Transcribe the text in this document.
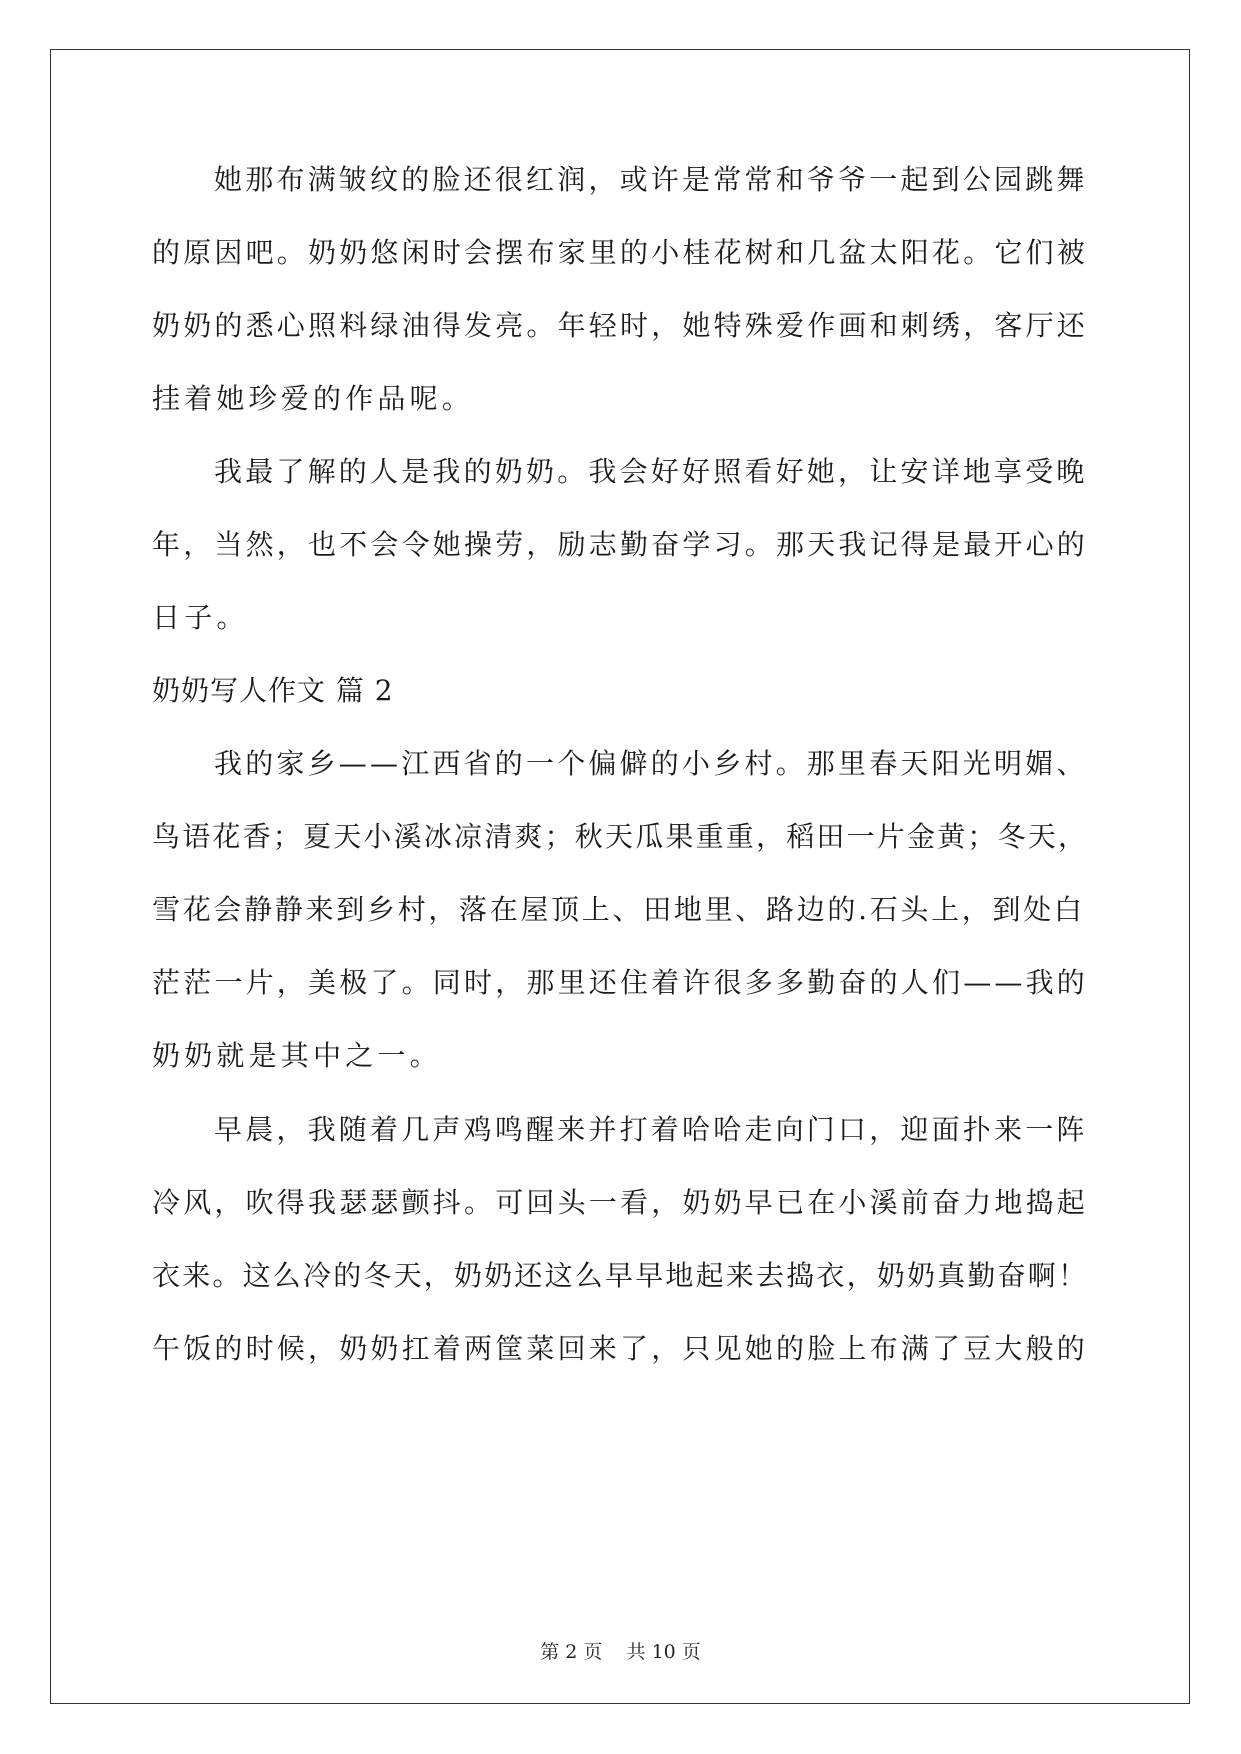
她那布满皱纹的脸还很红润，或许是常常和爷爷一起到公园跳舞
的原因吧。奶奶悠闲时会摆布家里的小桂花树和几盆太阳花。它们被
奶奶的悉心照料绿油得发亮。年轻时，她特殊爱作画和刺绣，客厅还
挂着她珍爱的作品呢。
我最了解的人是我的奶奶。我会好好照看好她，让安详地享受晚
年，当然，也不会令她操劳，励志勤奋学习。那天我记得是最开心的
日子。
奶奶写人作文 篇 2
我的家乡——江西省的一个偏僻的小乡村。那里春天阳光明媚、
鸟语花香；夏天小溪冰凉清爽；秋天瓜果重重，稻田一片金黄；冬天，
雪花会静静来到乡村，落在屋顶上、田地里、路边的.石头上，到处白
茫茫一片，美极了。同时，那里还住着许很多多勤奋的人们——我的
奶奶就是其中之一。
早晨，我随着几声鸡鸣醒来并打着哈哈走向门口，迎面扑来一阵
冷风，吹得我瑟瑟颤抖。可回头一看，奶奶早已在小溪前奋力地捣起
衣来。这么冷的冬天，奶奶还这么早早地起来去捣衣，奶奶真勤奋啊！
午饭的时候，奶奶扛着两筐菜回来了，只见她的脸上布满了豆大般的
第 2 页    共 10 页
